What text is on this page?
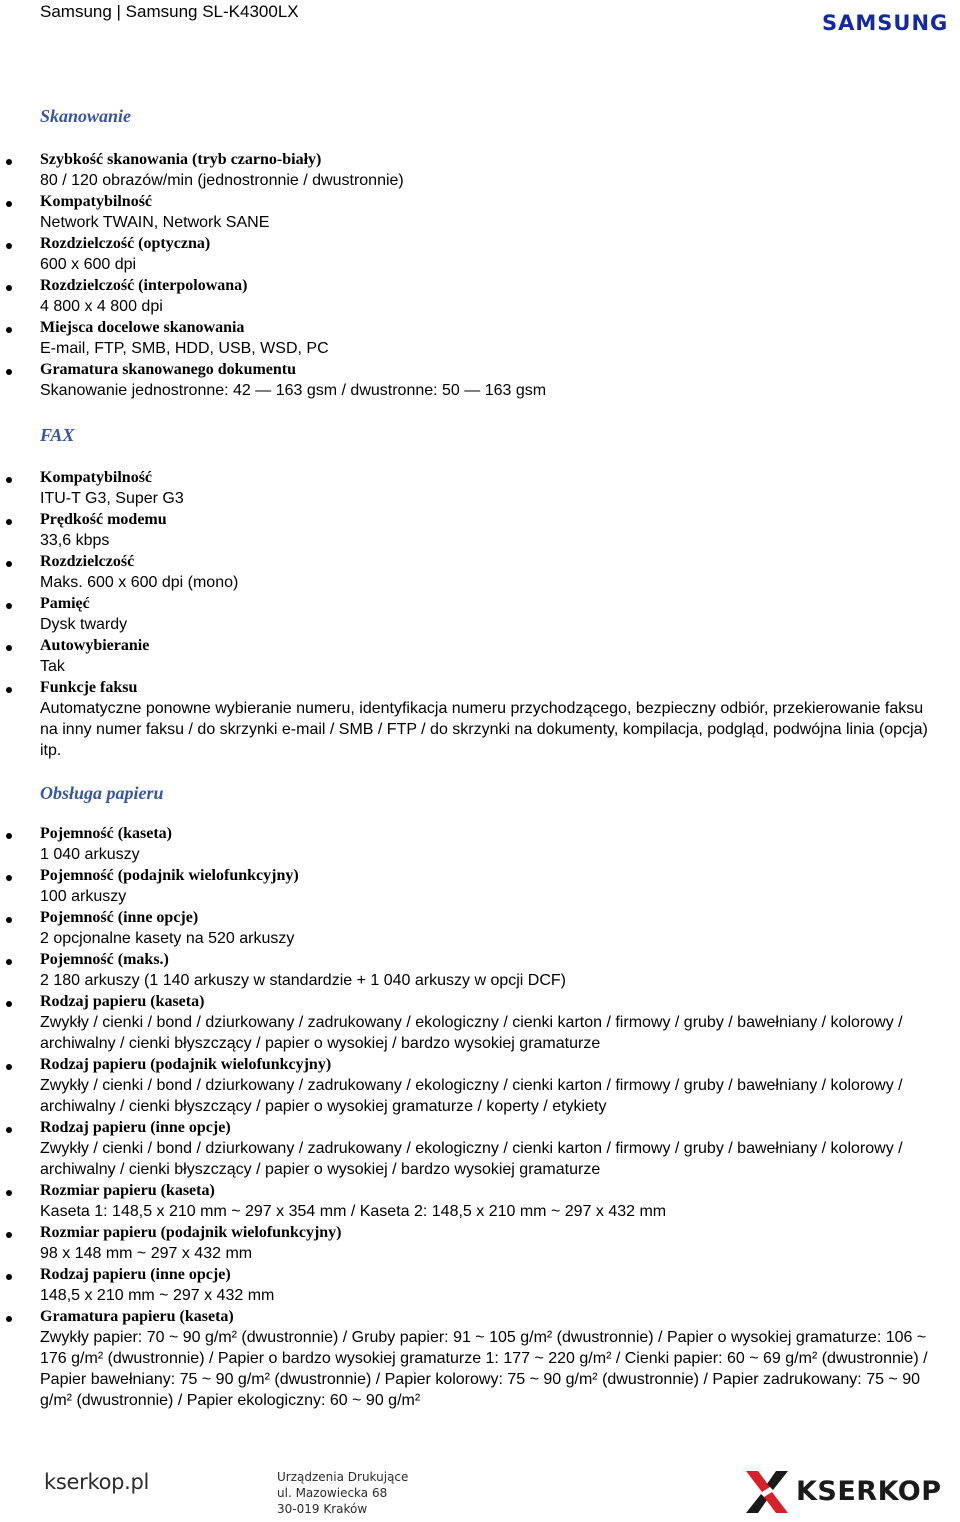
Samsung | Samsung SL-K4300LX	SAMSUNG
Skanowanie
Szybkość skanowania (tryb czarno-biały)
80 / 120 obrazów/min (jednostronnie / dwustronnie)
Kompatybilność
Network TWAIN, Network SANE
Rozdzielczość (optyczna)
600 x 600 dpi
Rozdzielczość (interpolowana)
4 800 x 4 800 dpi
Miejsca docelowe skanowania
E-mail, FTP, SMB, HDD, USB, WSD, PC
Gramatura skanowanego dokumentu
Skanowanie jednostronne: 42 — 163 gsm / dwustronne: 50 — 163 gsm
FAX
Kompatybilność
ITU-T G3, Super G3
Prędkość modemu
33,6 kbps
Rozdzielczość
Maks. 600 x 600 dpi (mono)
Pamięć
Dysk twardy
Autowybieranie
Tak
Funkcje faksu
Automatyczne ponowne wybieranie numeru, identyfikacja numeru przychodzącego, bezpieczny odbiór, przekierowanie faksu na inny numer faksu / do skrzynki e-mail / SMB / FTP / do skrzynki na dokumenty, kompilacja, podgląd, podwójna linia (opcja) itp.
Obsługa papieru
Pojemność (kaseta)
1 040 arkuszy
Pojemność (podajnik wielofunkcyjny)
100 arkuszy
Pojemność (inne opcje)
2 opcjonalne kasety na 520 arkuszy
Pojemność (maks.)
2 180 arkuszy (1 140 arkuszy w standardzie + 1 040 arkuszy w opcji DCF)
Rodzaj papieru (kaseta)
Zwykły / cienki / bond / dziurkowany / zadrukowany / ekologiczny / cienki karton / firmowy / gruby / bawełniany / kolorowy / archiwalny / cienki błyszczący / papier o wysokiej / bardzo wysokiej gramaturze
Rodzaj papieru (podajnik wielofunkcyjny)
Zwykły / cienki / bond / dziurkowany / zadrukowany / ekologiczny / cienki karton / firmowy / gruby / bawełniany / kolorowy / archiwalny / cienki błyszczący / papier o wysokiej gramaturze / koperty / etykiety
Rodzaj papieru (inne opcje)
Zwykły / cienki / bond / dziurkowany / zadrukowany / ekologiczny / cienki karton / firmowy / gruby / bawełniany / kolorowy / archiwalny / cienki błyszczący / papier o wysokiej / bardzo wysokiej gramaturze
Rozmiar papieru (kaseta)
Kaseta 1: 148,5 x 210 mm ~ 297 x 354 mm / Kaseta 2: 148,5 x 210 mm ~ 297 x 432 mm
Rozmiar papieru (podajnik wielofunkcyjny)
98 x 148 mm ~ 297 x 432 mm
Rodzaj papieru (inne opcje)
148,5 x 210 mm ~ 297 x 432 mm
Gramatura papieru (kaseta)
Zwykły papier: 70 ~ 90 g/m² (dwustronnie) / Gruby papier: 91 ~ 105 g/m² (dwustronnie) / Papier o wysokiej gramaturze: 106 ~ 176 g/m² (dwustronnie) / Papier o bardzo wysokiej gramaturze 1: 177 ~ 220 g/m² / Cienki papier: 60 ~ 69 g/m² (dwustronnie) / Papier bawełniany: 75 ~ 90 g/m² (dwustronnie) / Papier kolorowy: 75 ~ 90 g/m² (dwustronnie) / Papier zadrukowany: 75 ~ 90 g/m² (dwustronnie) / Papier ekologiczny: 60 ~ 90 g/m²
kserkop.pl	Urządzenia Drukujące
ul. Mazowiecka 68
30-019 Kraków
KSERKOP
